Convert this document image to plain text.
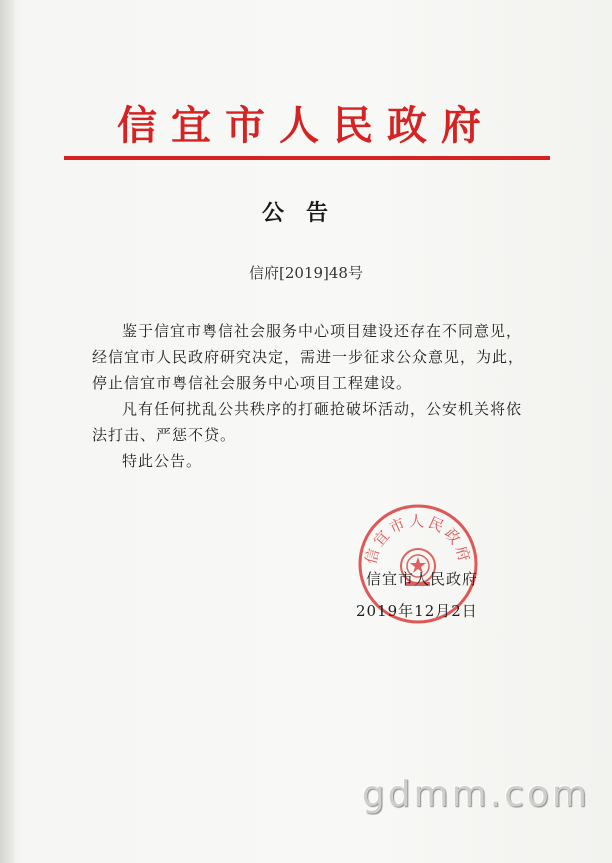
信宜市人民政府
公告
信府[2019]48号

鉴于信宜市粤信社会服务中心项目建设还存在不同意见，经信宜市人民政府研究决定，需进一步征求公众意见，为此，停止信宜市粤信社会服务中心项目工程建设。

凡有任何扰乱公共秩序的打砸抢破坏活动，公安机关将依法打击、严惩不贷。

特此公告。

信宜市人民政府
信宜市人民政府
2019年12月2日
gdmm.com
